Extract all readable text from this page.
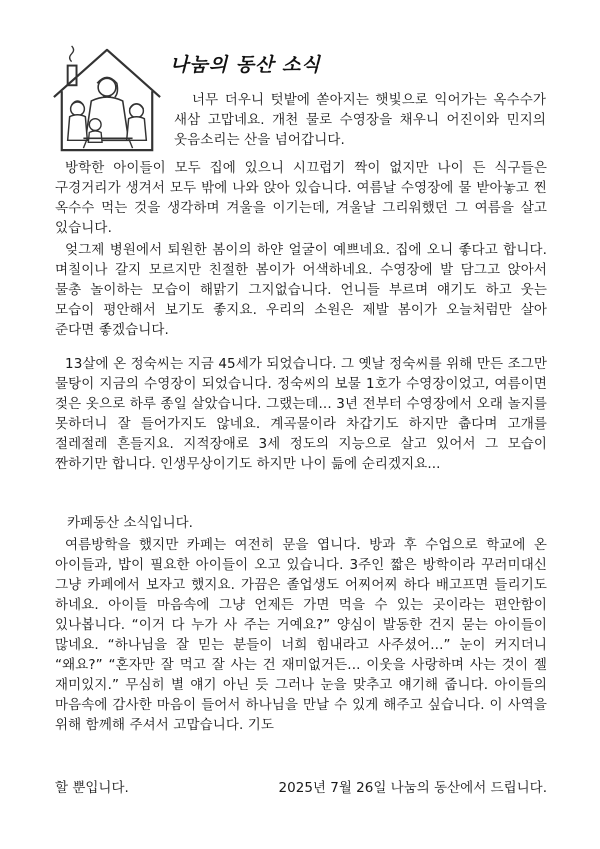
나눔의 동산 소식

너무 더우니 텃밭에 쏟아지는 햇빛으로 익어가는 옥수수가 새삼 고맙네요. 개천 물로 수영장을 채우니 어진이와 민지의 웃음소리는 산을 넘어갑니다.

방학한 아이들이 모두 집에 있으니 시끄럽기 짝이 없지만 나이 든 식구들은 구경거리가 생겨서 모두 밖에 나와 앉아 있습니다. 여름날 수영장에 물 받아놓고 찐 옥수수 먹는 것을 생각하며 겨울을 이기는데, 겨울날 그리워했던 그 여름을 살고 있습니다.

엊그제 병원에서 퇴원한 봄이의 하얀 얼굴이 예쁘네요. 집에 오니 좋다고 합니다. 며칠이나 갈지 모르지만 친절한 봄이가 어색하네요. 수영장에 발 담그고 앉아서 물총 놀이하는 모습이 해맑기 그지없습니다. 언니들 부르며 얘기도 하고 웃는 모습이 평안해서 보기도 좋지요. 우리의 소원은 제발 봄이가 오늘처럼만 살아 준다면 좋겠습니다.

13살에 온 정숙씨는 지금 45세가 되었습니다. 그 옛날 정숙씨를 위해 만든 조그만 물탕이 지금의 수영장이 되었습니다. 정숙씨의 보물 1호가 수영장이었고, 여름이면 젖은 옷으로 하루 종일 살았습니다. 그랬는데... 3년 전부터 수영장에서 오래 놀지를 못하더니 잘 들어가지도 않네요. 계곡물이라 차갑기도 하지만 춥다며 고개를 절레절레 흔들지요. 지적장애로 3세 정도의 지능으로 살고 있어서 그 모습이 짠하기만 합니다. 인생무상이기도 하지만 나이 듦에 순리겠지요...

카페동산 소식입니다.

여름방학을 했지만 카페는 여전히 문을 엽니다. 방과 후 수업으로 학교에 온 아이들과, 밥이 필요한 아이들이 오고 있습니다. 3주인 짧은 방학이라 꾸러미대신 그냥 카페에서 보자고 했지요. 가끔은 졸업생도 어찌어찌 하다 배고프면 들리기도 하네요. 아이들 마음속에 그냥 언제든 가면 먹을 수 있는 곳이라는 편안함이 있나봅니다. “이거 다 누가 사 주는 거예요?” 양심이 발동한 건지 묻는 아이들이 많네요. “하나님을 잘 믿는 분들이 너희 힘내라고 사주셨어...” 눈이 커지더니 “왜요?” “혼자만 잘 먹고 잘 사는 건 재미없거든... 이웃을 사랑하며 사는 것이 젤 재미있지.” 무심히 별 얘기 아닌 듯 그러나 눈을 맞추고 얘기해 줍니다. 아이들의 마음속에 감사한 마음이 들어서 하나님을 만날 수 있게 해주고 싶습니다. 이 사역을 위해 함께해 주셔서 고맙습니다. 기도

할 뿐입니다.	2025년 7월 26일 나눔의 동산에서 드립니다.
